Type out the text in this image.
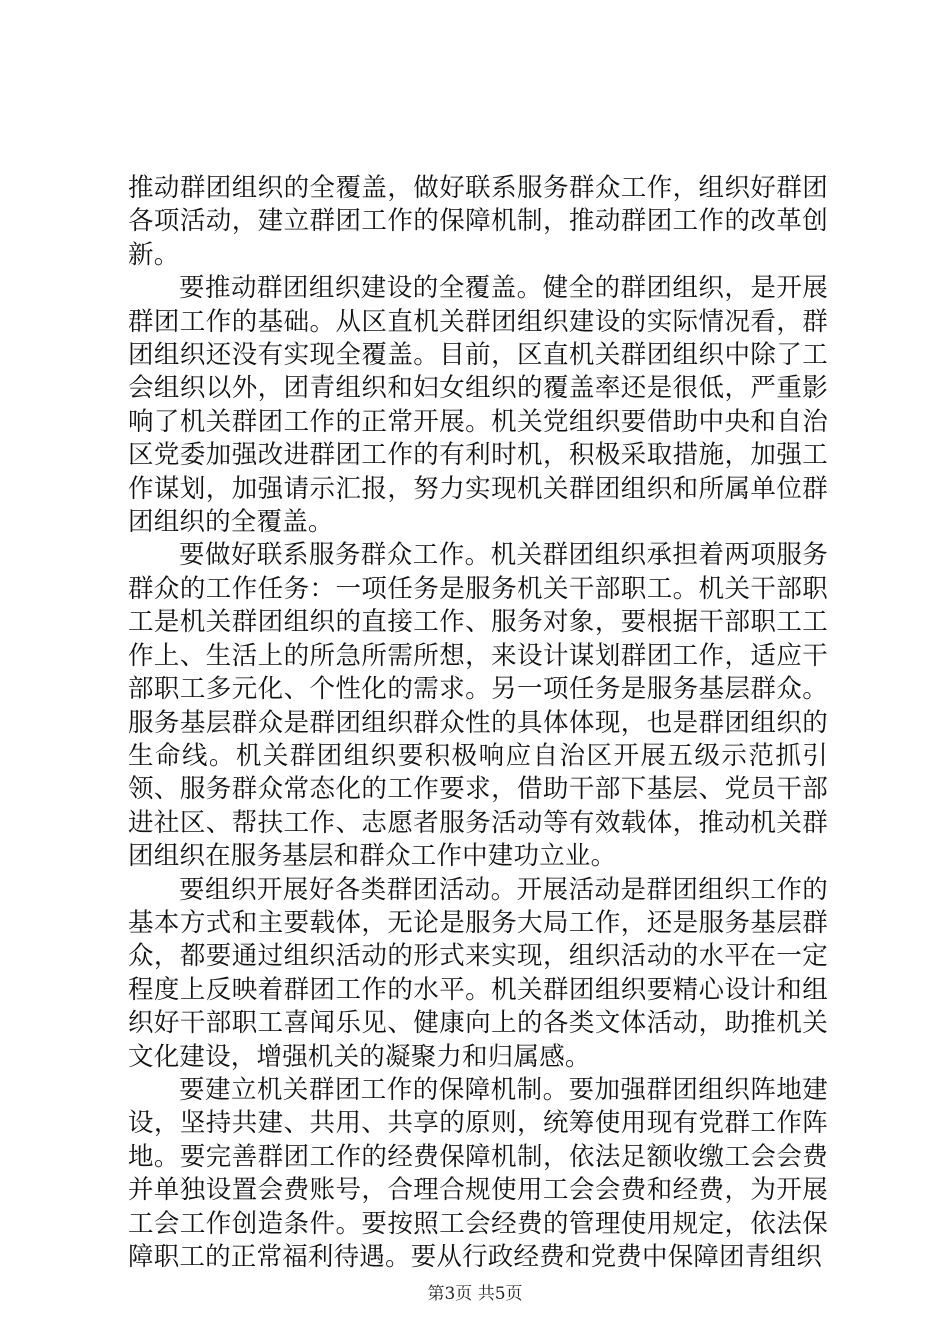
推动群团组织的全覆盖，做好联系服务群众工作，组织好群团各项活动，建立群团工作的保障机制，推动群团工作的改革创新。

要推动群团组织建设的全覆盖。健全的群团组织，是开展群团工作的基础。从区直机关群团组织建设的实际情况看，群团组织还没有实现全覆盖。目前，区直机关群团组织中除了工会组织以外，团青组织和妇女组织的覆盖率还是很低，严重影响了机关群团工作的正常开展。机关党组织要借助中央和自治区党委加强改进群团工作的有利时机，积极采取措施，加强工作谋划，加强请示汇报，努力实现机关群团组织和所属单位群团组织的全覆盖。

要做好联系服务群众工作。机关群团组织承担着两项服务群众的工作任务：一项任务是服务机关干部职工。机关干部职工是机关群团组织的直接工作、服务对象，要根据干部职工工作上、生活上的所急所需所想，来设计谋划群团工作，适应干部职工多元化、个性化的需求。另一项任务是服务基层群众。服务基层群众是群团组织群众性的具体体现，也是群团组织的生命线。机关群团组织要积极响应自治区开展五级示范抓引领、服务群众常态化的工作要求，借助干部下基层、党员干部进社区、帮扶工作、志愿者服务活动等有效载体，推动机关群团组织在服务基层和群众工作中建功立业。

要组织开展好各类群团活动。开展活动是群团组织工作的基本方式和主要载体，无论是服务大局工作，还是服务基层群众，都要通过组织活动的形式来实现，组织活动的水平在一定程度上反映着群团工作的水平。机关群团组织要精心设计和组织好干部职工喜闻乐见、健康向上的各类文体活动，助推机关文化建设，增强机关的凝聚力和归属感。

要建立机关群团工作的保障机制。要加强群团组织阵地建设，坚持共建、共用、共享的原则，统筹使用现有党群工作阵地。要完善群团工作的经费保障机制，依法足额收缴工会会费并单独设置会费账号，合理合规使用工会会费和经费，为开展工会工作创造条件。要按照工会经费的管理使用规定，依法保障职工的正常福利待遇。要从行政经费和党费中保障团青组织

第3页 共5页
